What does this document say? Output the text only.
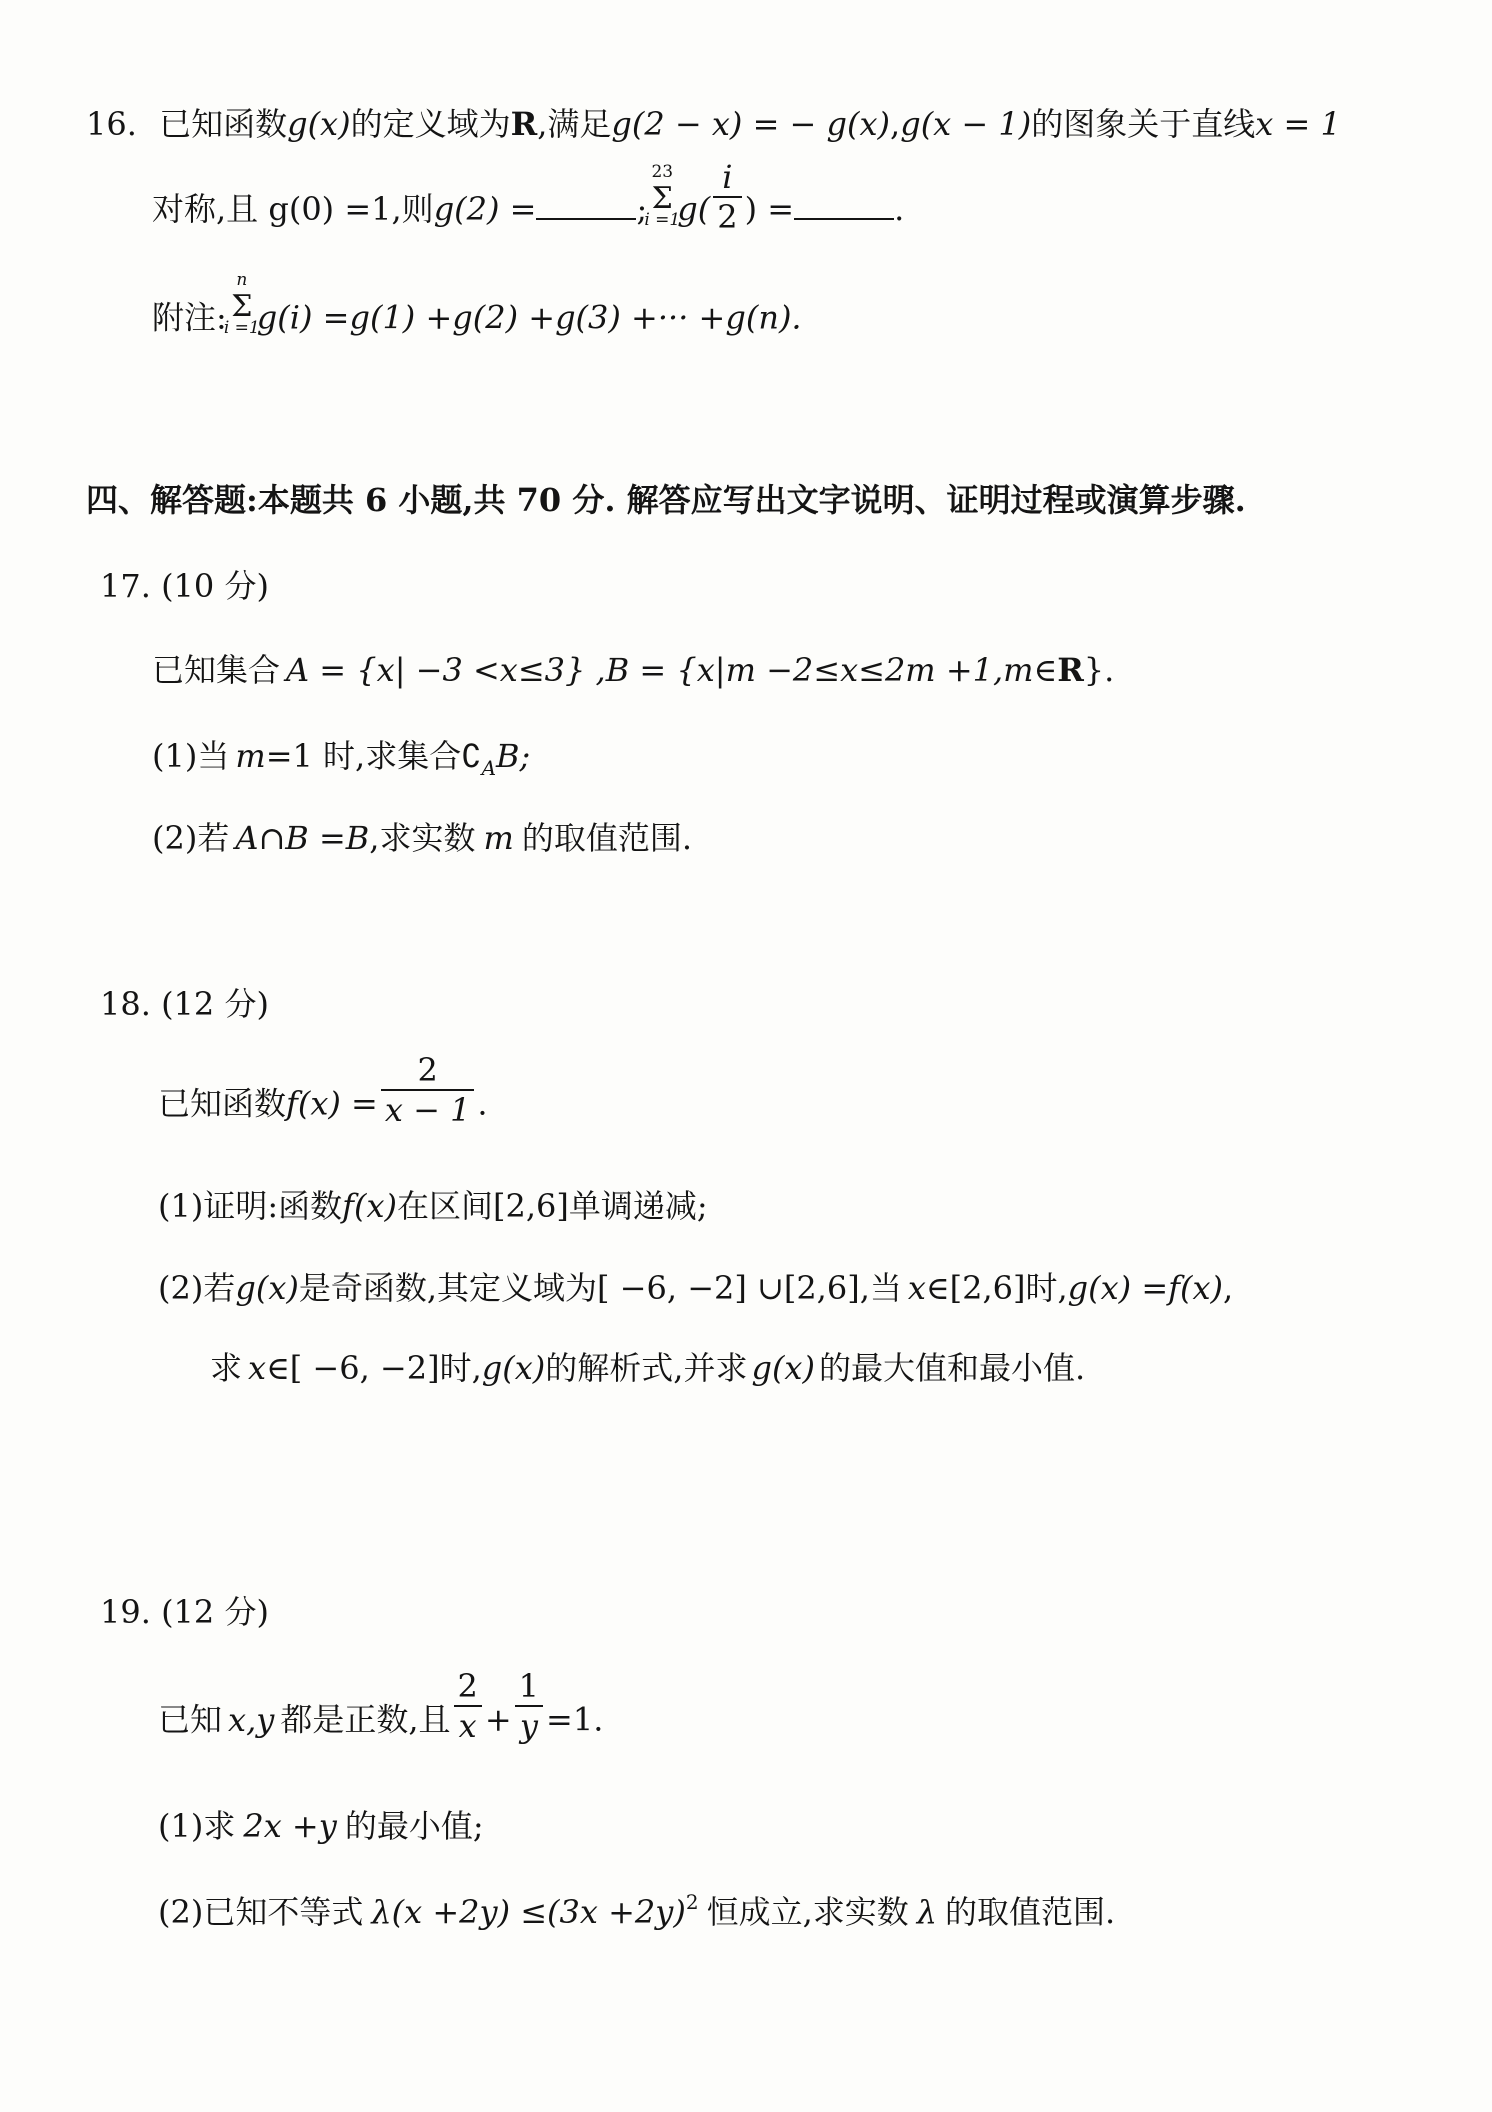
16. 已知函数g(x)的定义域为R,满足g(2 − x) = − g(x),g(x − 1)的图象关于直线x = 1
对称,且 g(0) =1,则g(2) =	;
23
Σ
i =1
$g( \frac{i}{2}$ ) =	.
附注:
n
Σ
i =1
g(i) =g(1) +g(2) +g(3) +··· +g(n).
四、解答题:本题共 6 小题,共 70 分. 解答应写出文字说明、证明过程或演算步骤.
17. (10 分)
已知集合 A = {x| −3 <x≤3} ,B = {x|m −2≤x≤2m +1,m∈R}.
(1)当 m=1 时,求集合$∁_AB$;
(2)若 A∩B =B,求实数 m 的取值范围.
18. (12 分)
已知函数$f(x) = \frac{2}{x - 1}$ .
(1)证明:函数f(x)在区间[2,6]单调递减;
(2)若g(x)是奇函数,其定义域为[ −6, −2] ∪[2,6],当 x∈[2,6]时,g(x) =f(x),
求 x∈[ −6, −2]时,g(x)的解析式,并求 g(x) 的最大值和最小值.
19. (12 分)
已知 x,y 都是正数,且 $\frac{2}{x} + \frac{1}{y} =1$.
(1)求 2x +y 的最小值;
(2)已知不等式 $\lambda(x +2y) \le(3x +2y)^2$ 恒成立,求实数 λ 的取值范围.
